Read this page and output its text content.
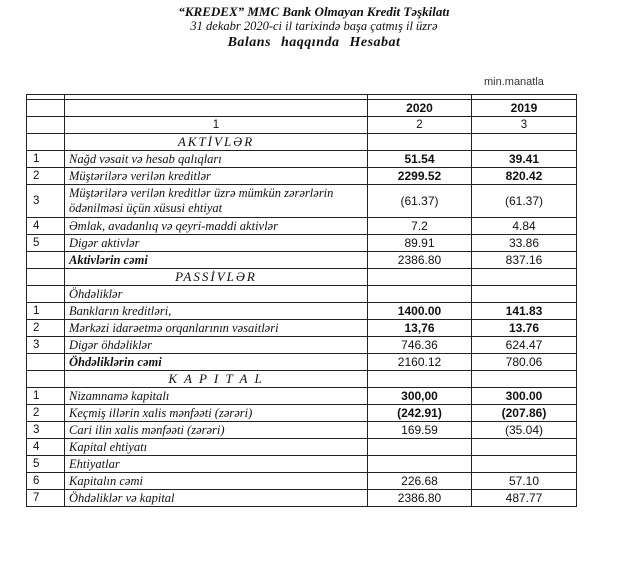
“KREDEX” MMC Bank Olmayan Kredit Təşkilatı
31 dekabr 2020-ci il tarixində başa çatmış il üzrə
Balans haqqında Hesabat
min.manatla

		2020	2019
	1	2	3
	AKTİVLƏR		
1	Nağd vəsait və hesab qalıqları	51.54	39.41
2	Müştərilərə verilən kreditlər	2299.52	820.42
3	Müştərilərə verilən kreditlər üzrə mümkün zərərlərin ödənilməsi üçün xüsusi ehtiyat	(61.37)	(61.37)
4	Əmlak, avadanlıq və qeyri-maddi aktivlər	7.2	4.84
5	Digər aktivlər	89.91	33.86
	Aktivlərin cəmi	2386.80	837.16
	PASSİVLƏR		
	Öhdəliklər		
1	Bankların kreditləri,	1400.00	141.83
2	Mərkəzi idarəetmə orqanlarının vəsaitləri	13,76	13.76
3	Digər öhdəliklər	746.36	624.47
	Öhdəliklərin cəmi	2160.12	780.06
	K A P I T A L		
1	Nizamnamə kapitalı	300,00	300.00
2	Keçmiş illərin xalis mənfəəti (zərəri)	(242.91)	(207.86)
3	Cari ilin xalis mənfəəti (zərəri)	169.59	(35.04)
4	Kapital ehtiyatı		
5	Ehtiyatlar		
6	Kapitalın cəmi	226.68	57.10
7	Öhdəliklər və kapital	2386.80	487.77
